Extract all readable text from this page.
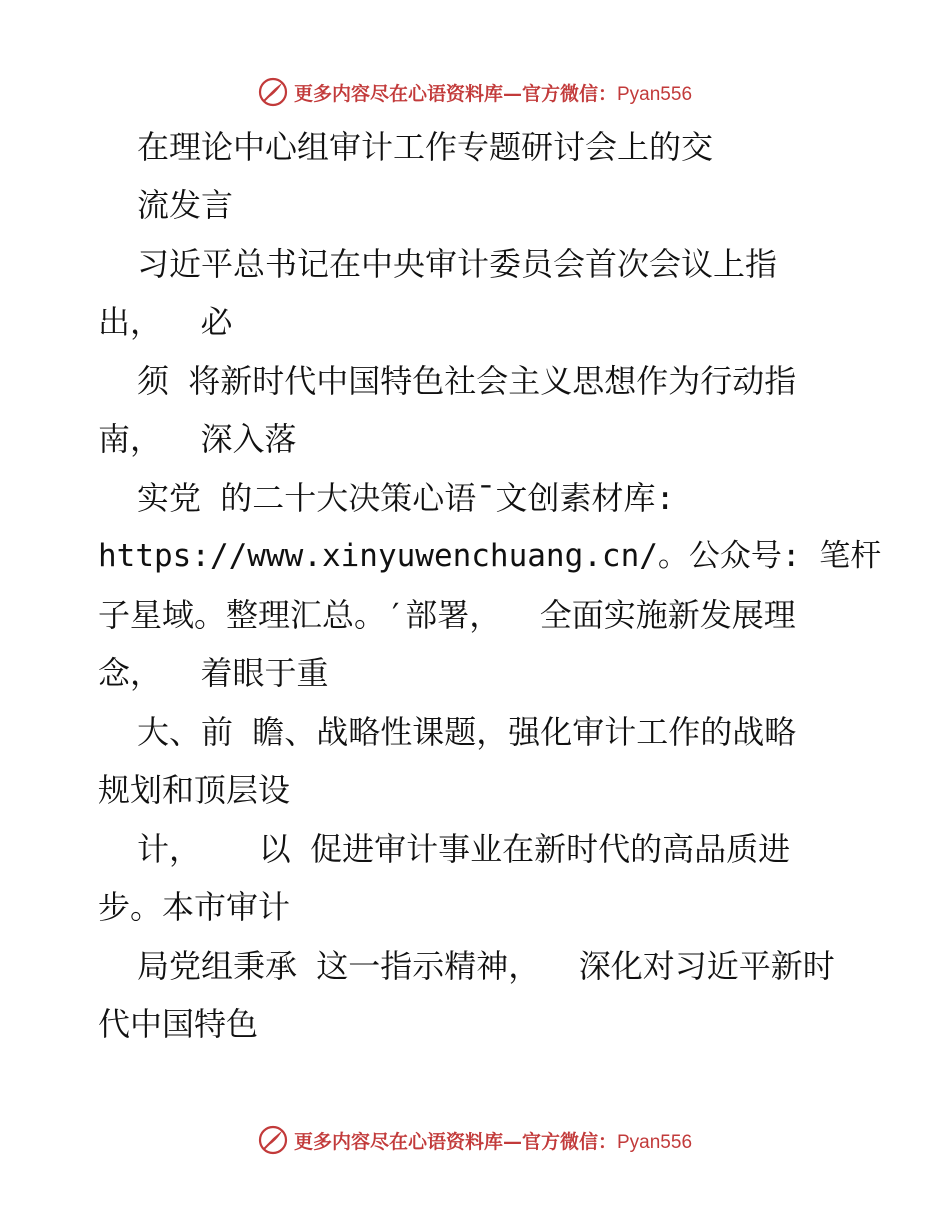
更多内容尽在心语资料库—官方微信：Pyan556
在理论中心组审计工作专题研讨会上的交
流发言
习近平总书记在中央审计委员会首次会议上指
出，  必
须 将新时代中国特色社会主义思想作为行动指
南，  深入落
实党 的二十大决策心语¯文创素材库:
https://www.xinyuwenchuang.cn/。公众号: 笔杆
子星域。整理汇总。′部署，  全面实施新发展理
念，  着眼于重
大、前 瞻、战略性课题，强化审计工作的战略
规划和顶层设
计，   以 促进审计事业在新时代的高品质进
步。本市审计
局党组秉承 这一指示精神，  深化对习近平新时
代中国特色
更多内容尽在心语资料库—官方微信：Pyan556
